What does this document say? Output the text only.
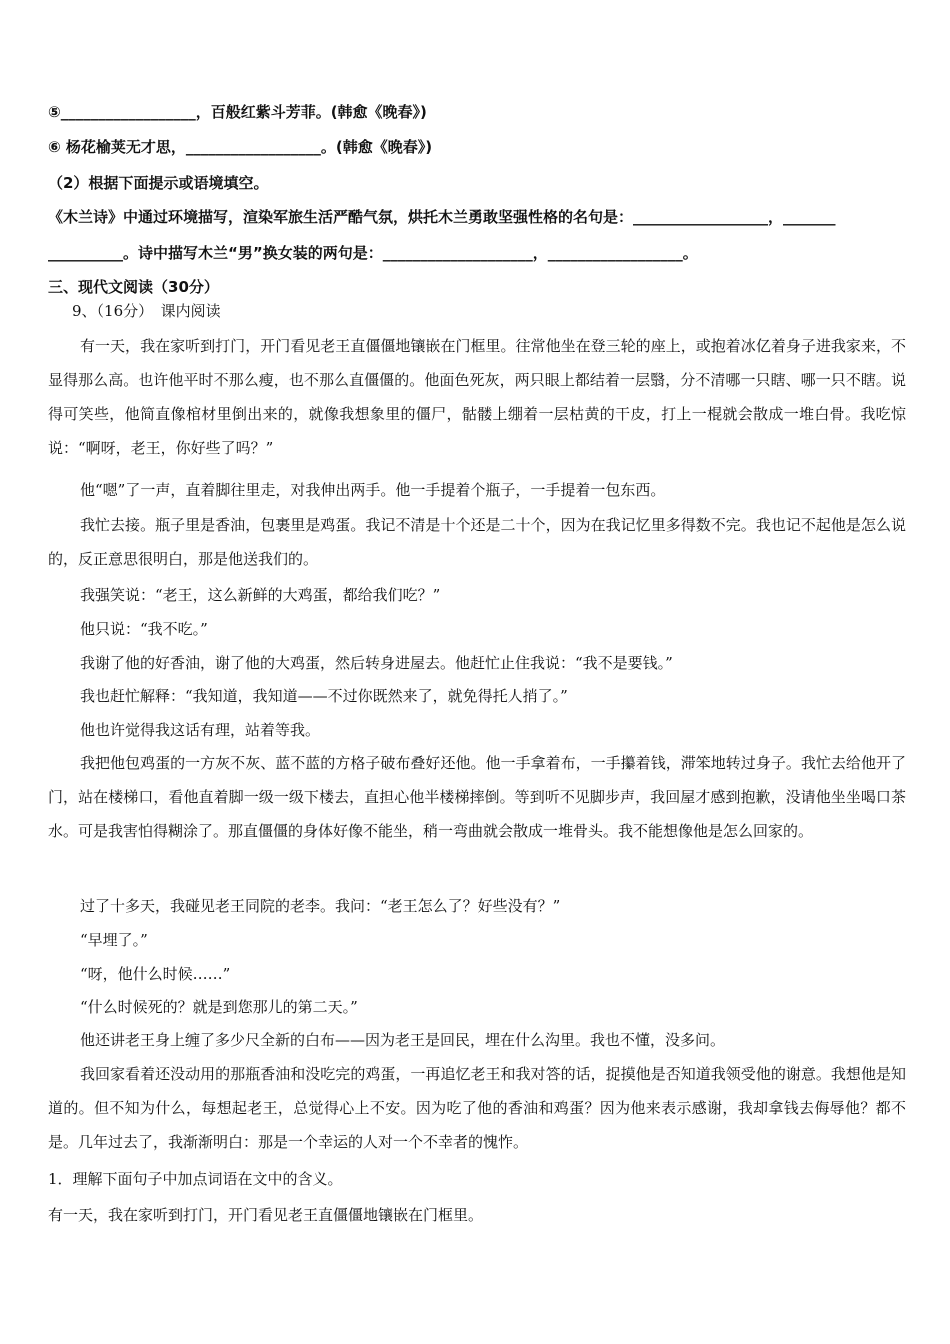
⑤__________________，百般红紫斗芳菲。(韩愈《晚春》)
⑥ 杨花榆荚无才思，__________________。(韩愈《晚春》)
（2）根据下面提示或语境填空。
《木兰诗》中通过环境描写，渲染军旅生活严酷气氛，烘托木兰勇敢坚强性格的名句是：__________________，_______
__________。诗中描写木兰“男”换女装的两句是：____________________，__________________。
三、现代文阅读（30分）
9、（16分）　课内阅读
有一天，我在家听到打门，开门看见老王直僵僵地镶嵌在门框里。往常他坐在登三轮的座上，或抱着冰亿着身子进我家来，不显得那么高。也许他平时不那么瘦，也不那么直僵僵的。他面色死灰，两只眼上都结着一层翳，分不清哪一只瞎、哪一只不瞎。说得可笑些，他简直像棺材里倒出来的，就像我想象里的僵尸，骷髅上绷着一层枯黄的干皮，打上一棍就会散成一堆白骨。我吃惊说：“啊呀，老王，你好些了吗？”
他“嗯”了一声，直着脚往里走，对我伸出两手。他一手提着个瓶子，一手提着一包东西。
我忙去接。瓶子里是香油，包裹里是鸡蛋。我记不清是十个还是二十个，因为在我记忆里多得数不完。我也记不起他是怎么说的，反正意思很明白，那是他送我们的。
我强笑说：“老王，这么新鲜的大鸡蛋，都给我们吃？”
他只说：“我不吃。”
我谢了他的好香油，谢了他的大鸡蛋，然后转身进屋去。他赶忙止住我说：“我不是要钱。”
我也赶忙解释：“我知道，我知道——不过你既然来了，就免得托人捎了。”
他也许觉得我这话有理，站着等我。
我把他包鸡蛋的一方灰不灰、蓝不蓝的方格子破布叠好还他。他一手拿着布，一手攥着钱，滞笨地转过身子。我忙去给他开了门，站在楼梯口，看他直着脚一级一级下楼去，直担心他半楼梯摔倒。等到听不见脚步声，我回屋才感到抱歉，没请他坐坐喝口茶水。可是我害怕得糊涂了。那直僵僵的身体好像不能坐，稍一弯曲就会散成一堆骨头。我不能想像他是怎么回家的。
过了十多天，我碰见老王同院的老李。我问：“老王怎么了？好些没有？”
“早埋了。”
“呀，他什么时候……”
“什么时候死的？就是到您那儿的第二天。”
他还讲老王身上缠了多少尺全新的白布——因为老王是回民，埋在什么沟里。我也不懂，没多问。
我回家看着还没动用的那瓶香油和没吃完的鸡蛋，一再追忆老王和我对答的话，捉摸他是否知道我领受他的谢意。我想他是知道的。但不知为什么，每想起老王，总觉得心上不安。因为吃了他的香油和鸡蛋？因为他来表示感谢，我却拿钱去侮辱他？都不是。几年过去了，我渐渐明白：那是一个幸运的人对一个不幸者的愧怍。
1．理解下面句子中加点词语在文中的含义。
有一天，我在家听到打门，开门看见老王直僵僵地镶嵌在门框里。
